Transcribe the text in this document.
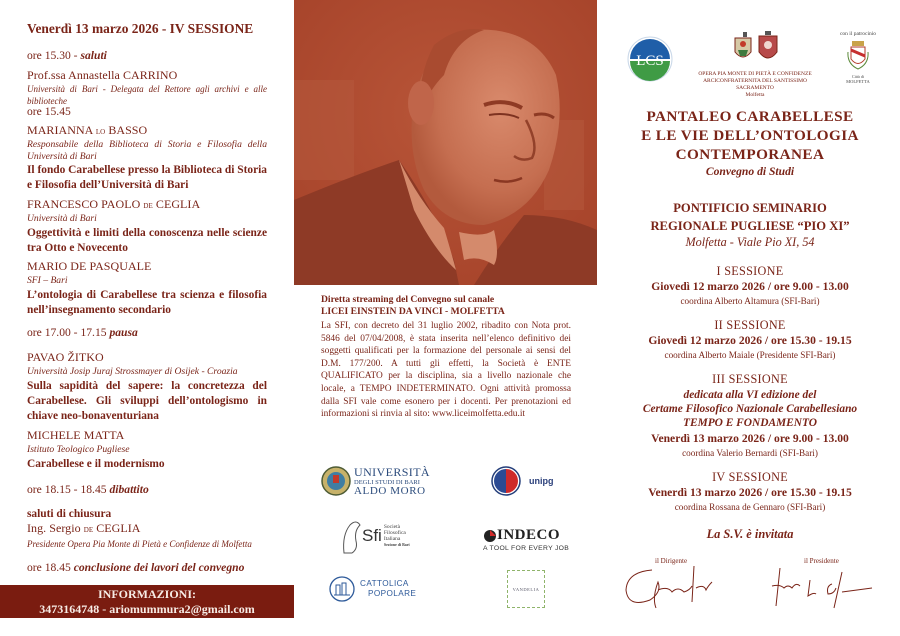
Venerdì 13 marzo 2026 - IV SESSIONE
ore 15.30 - saluti
Prof.ssa Annastella CARRINO
Università di Bari - Delegata del Rettore agli archivi e alle biblioteche
ore 15.45
MARIANNA lo BASSO
Responsabile della Biblioteca di Storia e Filosofia della Università di Bari
Il fondo Carabellese presso la Biblioteca di Storia e Filosofia dell’Università di Bari
FRANCESCO PAOLO de CEGLIA
Università di Bari
Oggettività e limiti della conoscenza nelle scienze tra Otto e Novecento
MARIO DE PASQUALE
SFI – Bari
L’ontologia di Carabellese tra scienza e filosofia nell’insegnamento secondario
ore 17.00 - 17.15 pausa
PAVAO ŽITKO
Università Josip Juraj Strossmayer di Osijek - Croazia
Sulla sapidità del sapere: la concretezza del Carabellese. Gli sviluppi dell’ontologismo in chiave neo-bonaventuriana
MICHELE MATTA
Istituto Teologico Pugliese
Carabellese e il modernismo
ore 18.15 - 18.45 dibattito
saluti di chiusura
Ing. Sergio de CEGLIA
Presidente Opera Pia Monte di Pietà e Confidenze di Molfetta
ore 18.45 conclusione dei lavori del convegno
INFORMAZIONI:
3473164748 - ariomummura2@gmail.com
Diretta streaming del Convegno sul canale
LICEI EINSTEIN DA VINCI - MOLFETTA
La SFI, con decreto del 31 luglio 2002, ribadito con Nota prot. 5846 del 07/04/2008, è stata inserita nell’elenco definitivo dei soggetti qualificati per la formazione del personale ai sensi del D.M. 177/200. A tutti gli effetti, la Società è ENTE QUALIFICATO per la disciplina, sia a livello nazionale che locale, a TEMPO INDETERMINATO. Ogni attività promossa dalla SFI vale come esonero per i docenti. Per prenotazioni ed informazioni si rinvia al sito: www.liceimolfetta.edu.it
UNIVERSITÀ
DEGLI STUDI DI BARI
ALDO MORO
unipg
Sfi Società
Filosofica
Italiana
Sezione di Bari
INDECO
A TOOL FOR EVERY JOB
CATTOLICA
POPOLARE	VANDELIA
LCS
OPERA PIA MONTE DI PIETÀ E CONFIDENZE
ARCICONFRATERNITA DEL SANTISSIMO SACRAMENTO
Molfetta
con il patrocinio
Città di
MOLFETTA
PANTALEO CARABELLESE
E LE VIE DELL’ONTOLOGIA
CONTEMPORANEA
Convegno di Studi
PONTIFICIO SEMINARIO
REGIONALE PUGLIESE “PIO XI”
Molfetta - Viale Pio XI, 54
I SESSIONE
Giovedì 12 marzo 2026 / ore 9.00 - 13.00
coordina Alberto Altamura (SFI-Bari)
II SESSIONE
Giovedì 12 marzo 2026 / ore 15.30 - 19.15
coordina Alberto Maiale (Presidente SFI-Bari)
III SESSIONE
dedicata alla VI edizione del
Certame Filosofico Nazionale Carabellesiano
TEMPO E FONDAMENTO
Venerdì 13 marzo 2026 / ore 9.00 - 13.00
coordina Valerio Bernardi (SFI-Bari)
IV SESSIONE
Venerdì 13 marzo 2026 / ore 15.30 - 19.15
coordina Rossana de Gennaro (SFI-Bari)
La S.V. è invitata
il Dirigente	il Presidente
